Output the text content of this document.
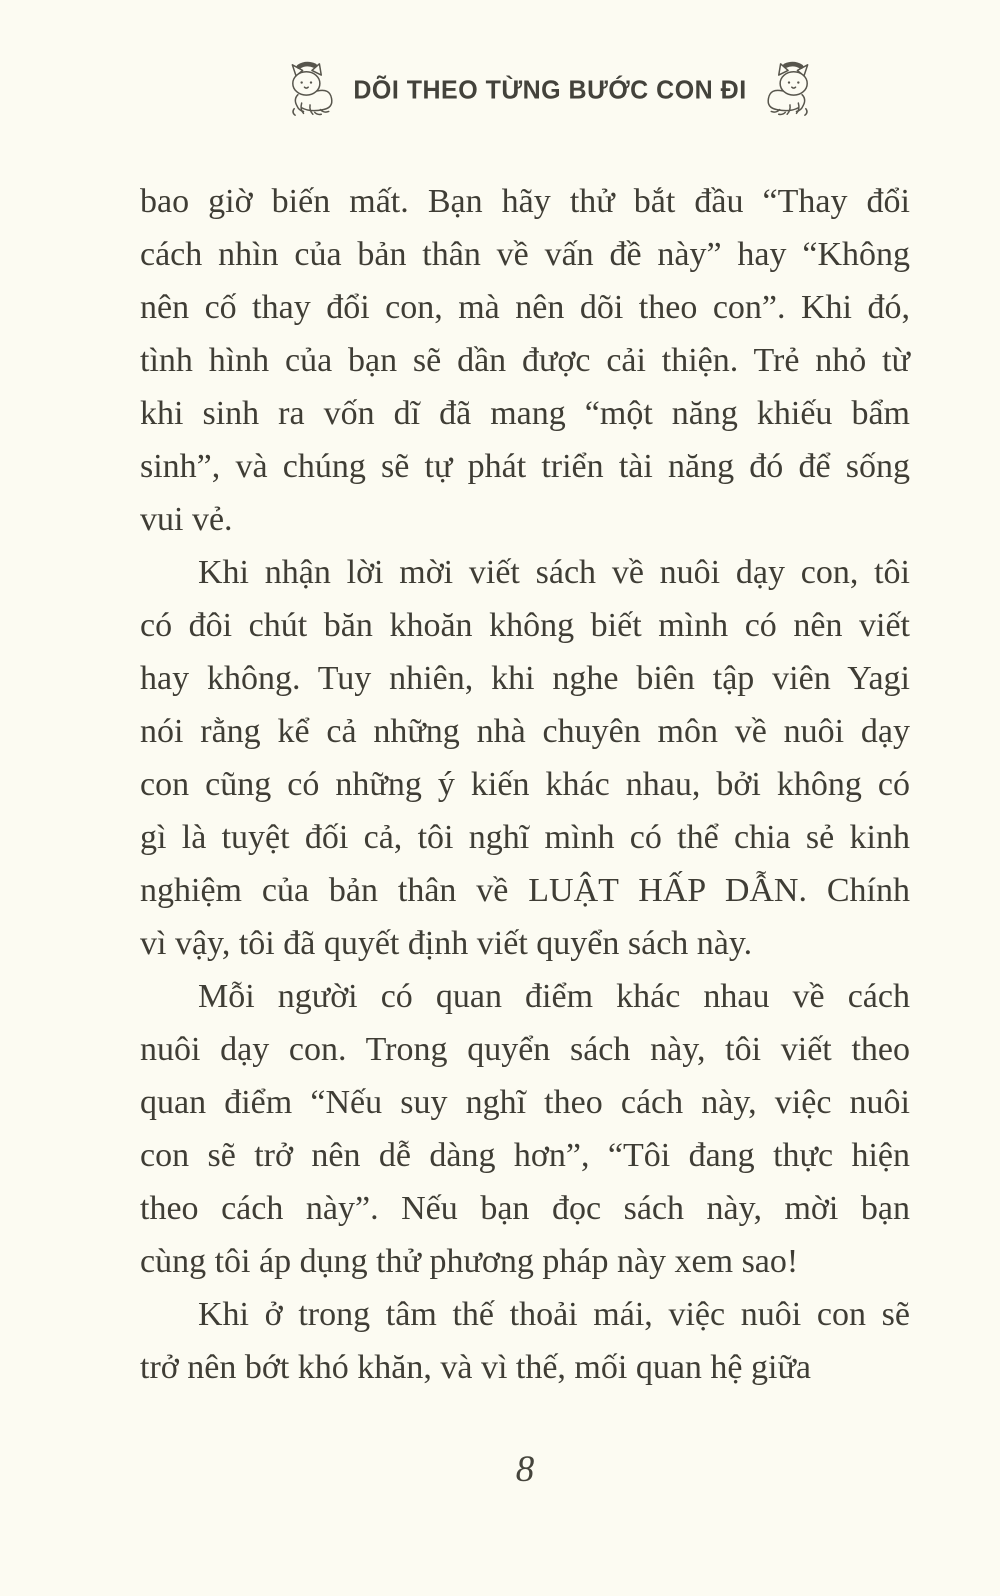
DÕI THEO TỪNG BƯỚC CON ĐI
bao giờ biến mất. Bạn hãy thử bắt đầu “Thay đổi
cách nhìn của bản thân về vấn đề này” hay “Không
nên cố thay đổi con, mà nên dõi theo con”. Khi đó,
tình hình của bạn sẽ dần được cải thiện. Trẻ nhỏ từ
khi sinh ra vốn dĩ đã mang “một năng khiếu bẩm
sinh”, và chúng sẽ tự phát triển tài năng đó để sống
vui vẻ.
Khi nhận lời mời viết sách về nuôi dạy con, tôi
có đôi chút băn khoăn không biết mình có nên viết
hay không. Tuy nhiên, khi nghe biên tập viên Yagi
nói rằng kể cả những nhà chuyên môn về nuôi dạy
con cũng có những ý kiến khác nhau, bởi không có
gì là tuyệt đối cả, tôi nghĩ mình có thể chia sẻ kinh
nghiệm của bản thân về LUẬT HẤP DẪN. Chính
vì vậy, tôi đã quyết định viết quyển sách này.
Mỗi người có quan điểm khác nhau về cách
nuôi dạy con. Trong quyển sách này, tôi viết theo
quan điểm “Nếu suy nghĩ theo cách này, việc nuôi
con sẽ trở nên dễ dàng hơn”, “Tôi đang thực hiện
theo cách này”. Nếu bạn đọc sách này, mời bạn
cùng tôi áp dụng thử phương pháp này xem sao!
Khi ở trong tâm thế thoải mái, việc nuôi con sẽ
trở nên bớt khó khăn, và vì thế, mối quan hệ giữa
8
